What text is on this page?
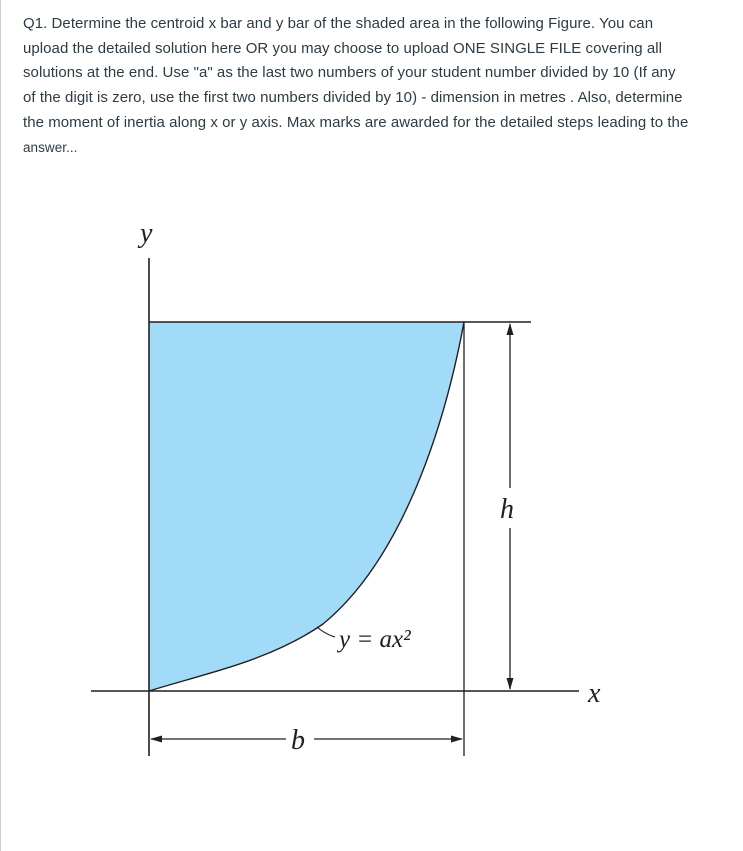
Q1. Determine the centroid x bar and y bar of the shaded area in the following Figure. You can
upload the detailed solution here OR you may choose to upload ONE SINGLE FILE covering all
solutions at the end. Use "a" as the last two numbers of your student number divided by 10 (If any
of the digit is zero, use the first two numbers divided by 10) - dimension in metres . Also, determine
the moment of inertia along x or y axis. Max marks are awarded for the detailed steps leading to the
answer...

y
x
h
b
y = ax²
